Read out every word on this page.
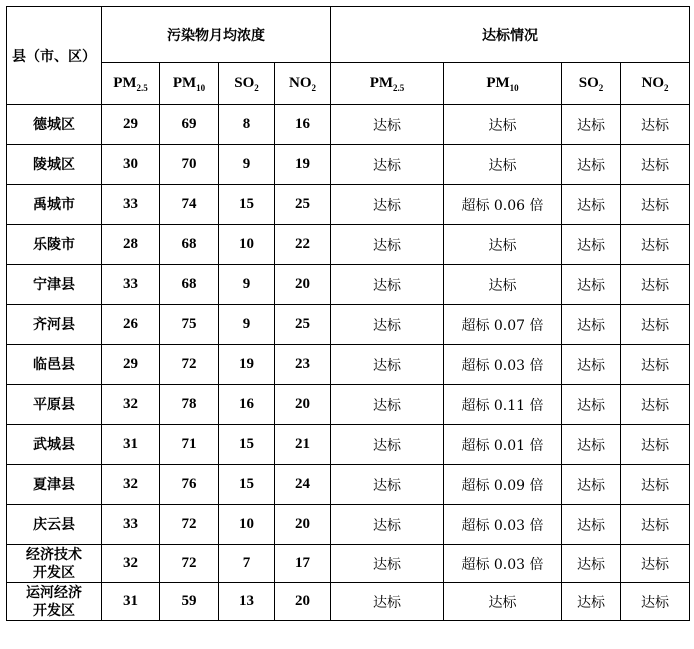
县（市、区）	污染物月均浓度				达标情况			
	$PM_{2.5}$	$PM_{10}$	$SO_2$	$NO_2$	$PM_{2.5}$	$PM_{10}$	$SO_2$	$NO_2$
德城区	29	69	8	16	达标	达标	达标	达标
陵城区	30	70	9	19	达标	达标	达标	达标
禹城市	33	74	15	25	达标	超标 0.06 倍	达标	达标
乐陵市	28	68	10	22	达标	达标	达标	达标
宁津县	33	68	9	20	达标	达标	达标	达标
齐河县	26	75	9	25	达标	超标 0.07 倍	达标	达标
临邑县	29	72	19	23	达标	超标 0.03 倍	达标	达标
平原县	32	78	16	20	达标	超标 0.11 倍	达标	达标
武城县	31	71	15	21	达标	超标 0.01 倍	达标	达标
夏津县	32	76	15	24	达标	超标 0.09 倍	达标	达标
庆云县	33	72	10	20	达标	超标 0.03 倍	达标	达标

经济技术
开发区	32	72	7	17	达标	超标 0.03 倍	达标	达标

运河经济
开发区	31	59	13	20	达标	达标	达标	达标
